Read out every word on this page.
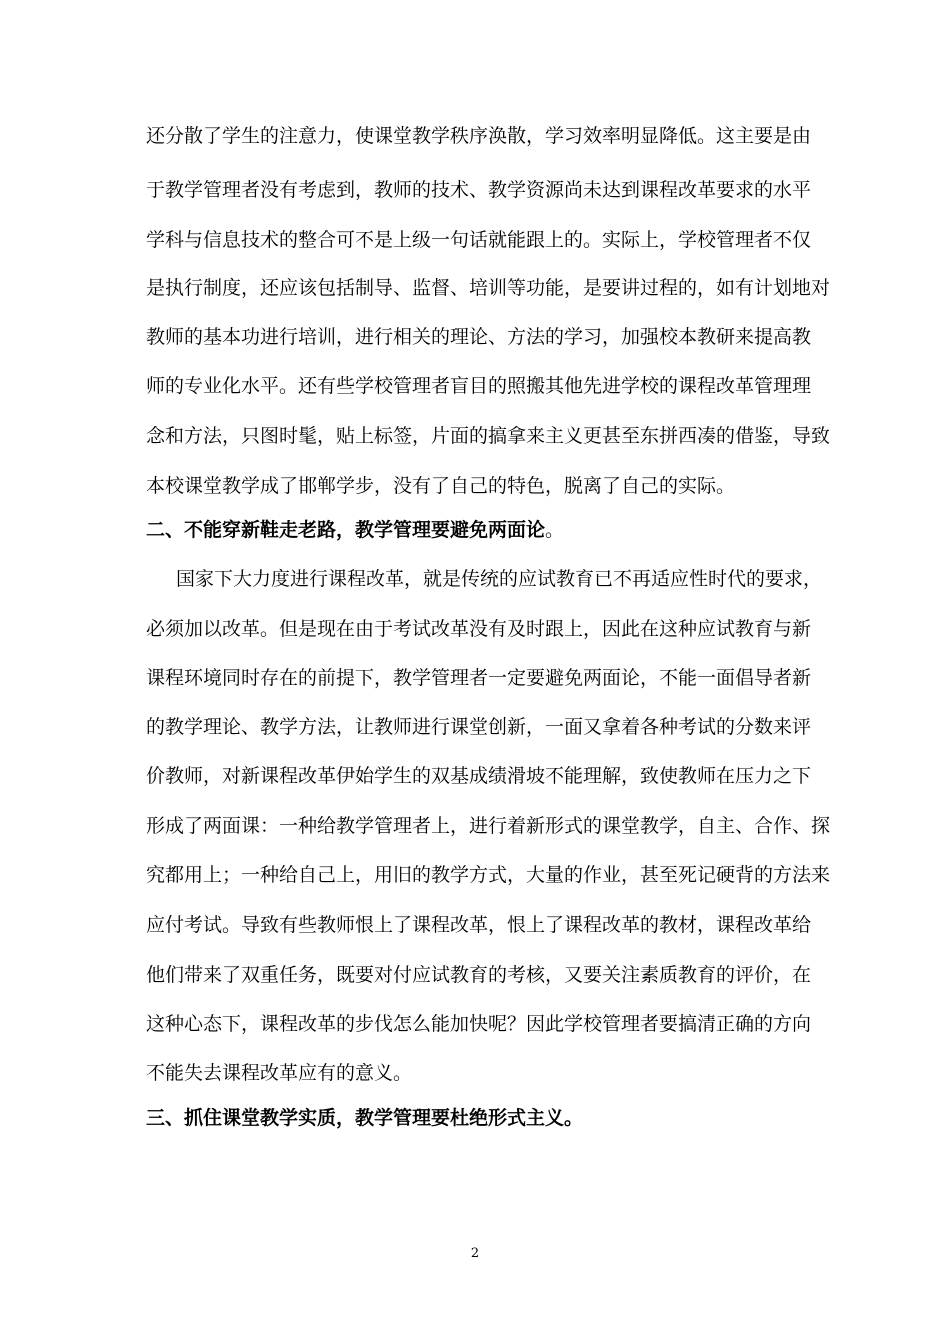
还分散了学生的注意力，使课堂教学秩序涣散，学习效率明显降低。这主要是由
于教学管理者没有考虑到，教师的技术、教学资源尚未达到课程改革要求的水平
学科与信息技术的整合可不是上级一句话就能跟上的。实际上，学校管理者不仅
是执行制度，还应该包括制导、监督、培训等功能，是要讲过程的，如有计划地对
教师的基本功进行培训，进行相关的理论、方法的学习，加强校本教研来提高教
师的专业化水平。还有些学校管理者盲目的照搬其他先进学校的课程改革管理理
念和方法，只图时髦，贴上标签，片面的搞拿来主义更甚至东拼西凑的借鉴，导致
本校课堂教学成了邯郸学步，没有了自己的特色，脱离了自己的实际。
二、不能穿新鞋走老路，教学管理要避免两面论。
国家下大力度进行课程改革，就是传统的应试教育已不再适应性时代的要求，
必须加以改革。但是现在由于考试改革没有及时跟上，因此在这种应试教育与新
课程环境同时存在的前提下，教学管理者一定要避免两面论，不能一面倡导者新
的教学理论、教学方法，让教师进行课堂创新，一面又拿着各种考试的分数来评
价教师，对新课程改革伊始学生的双基成绩滑坡不能理解，致使教师在压力之下
形成了两面课：一种给教学管理者上，进行着新形式的课堂教学，自主、合作、探
究都用上；一种给自己上，用旧的教学方式，大量的作业，甚至死记硬背的方法来
应付考试。导致有些教师恨上了课程改革，恨上了课程改革的教材，课程改革给
他们带来了双重任务，既要对付应试教育的考核，又要关注素质教育的评价，在
这种心态下，课程改革的步伐怎么能加快呢？因此学校管理者要搞清正确的方向
不能失去课程改革应有的意义。
三、抓住课堂教学实质，教学管理要杜绝形式主义。
2
